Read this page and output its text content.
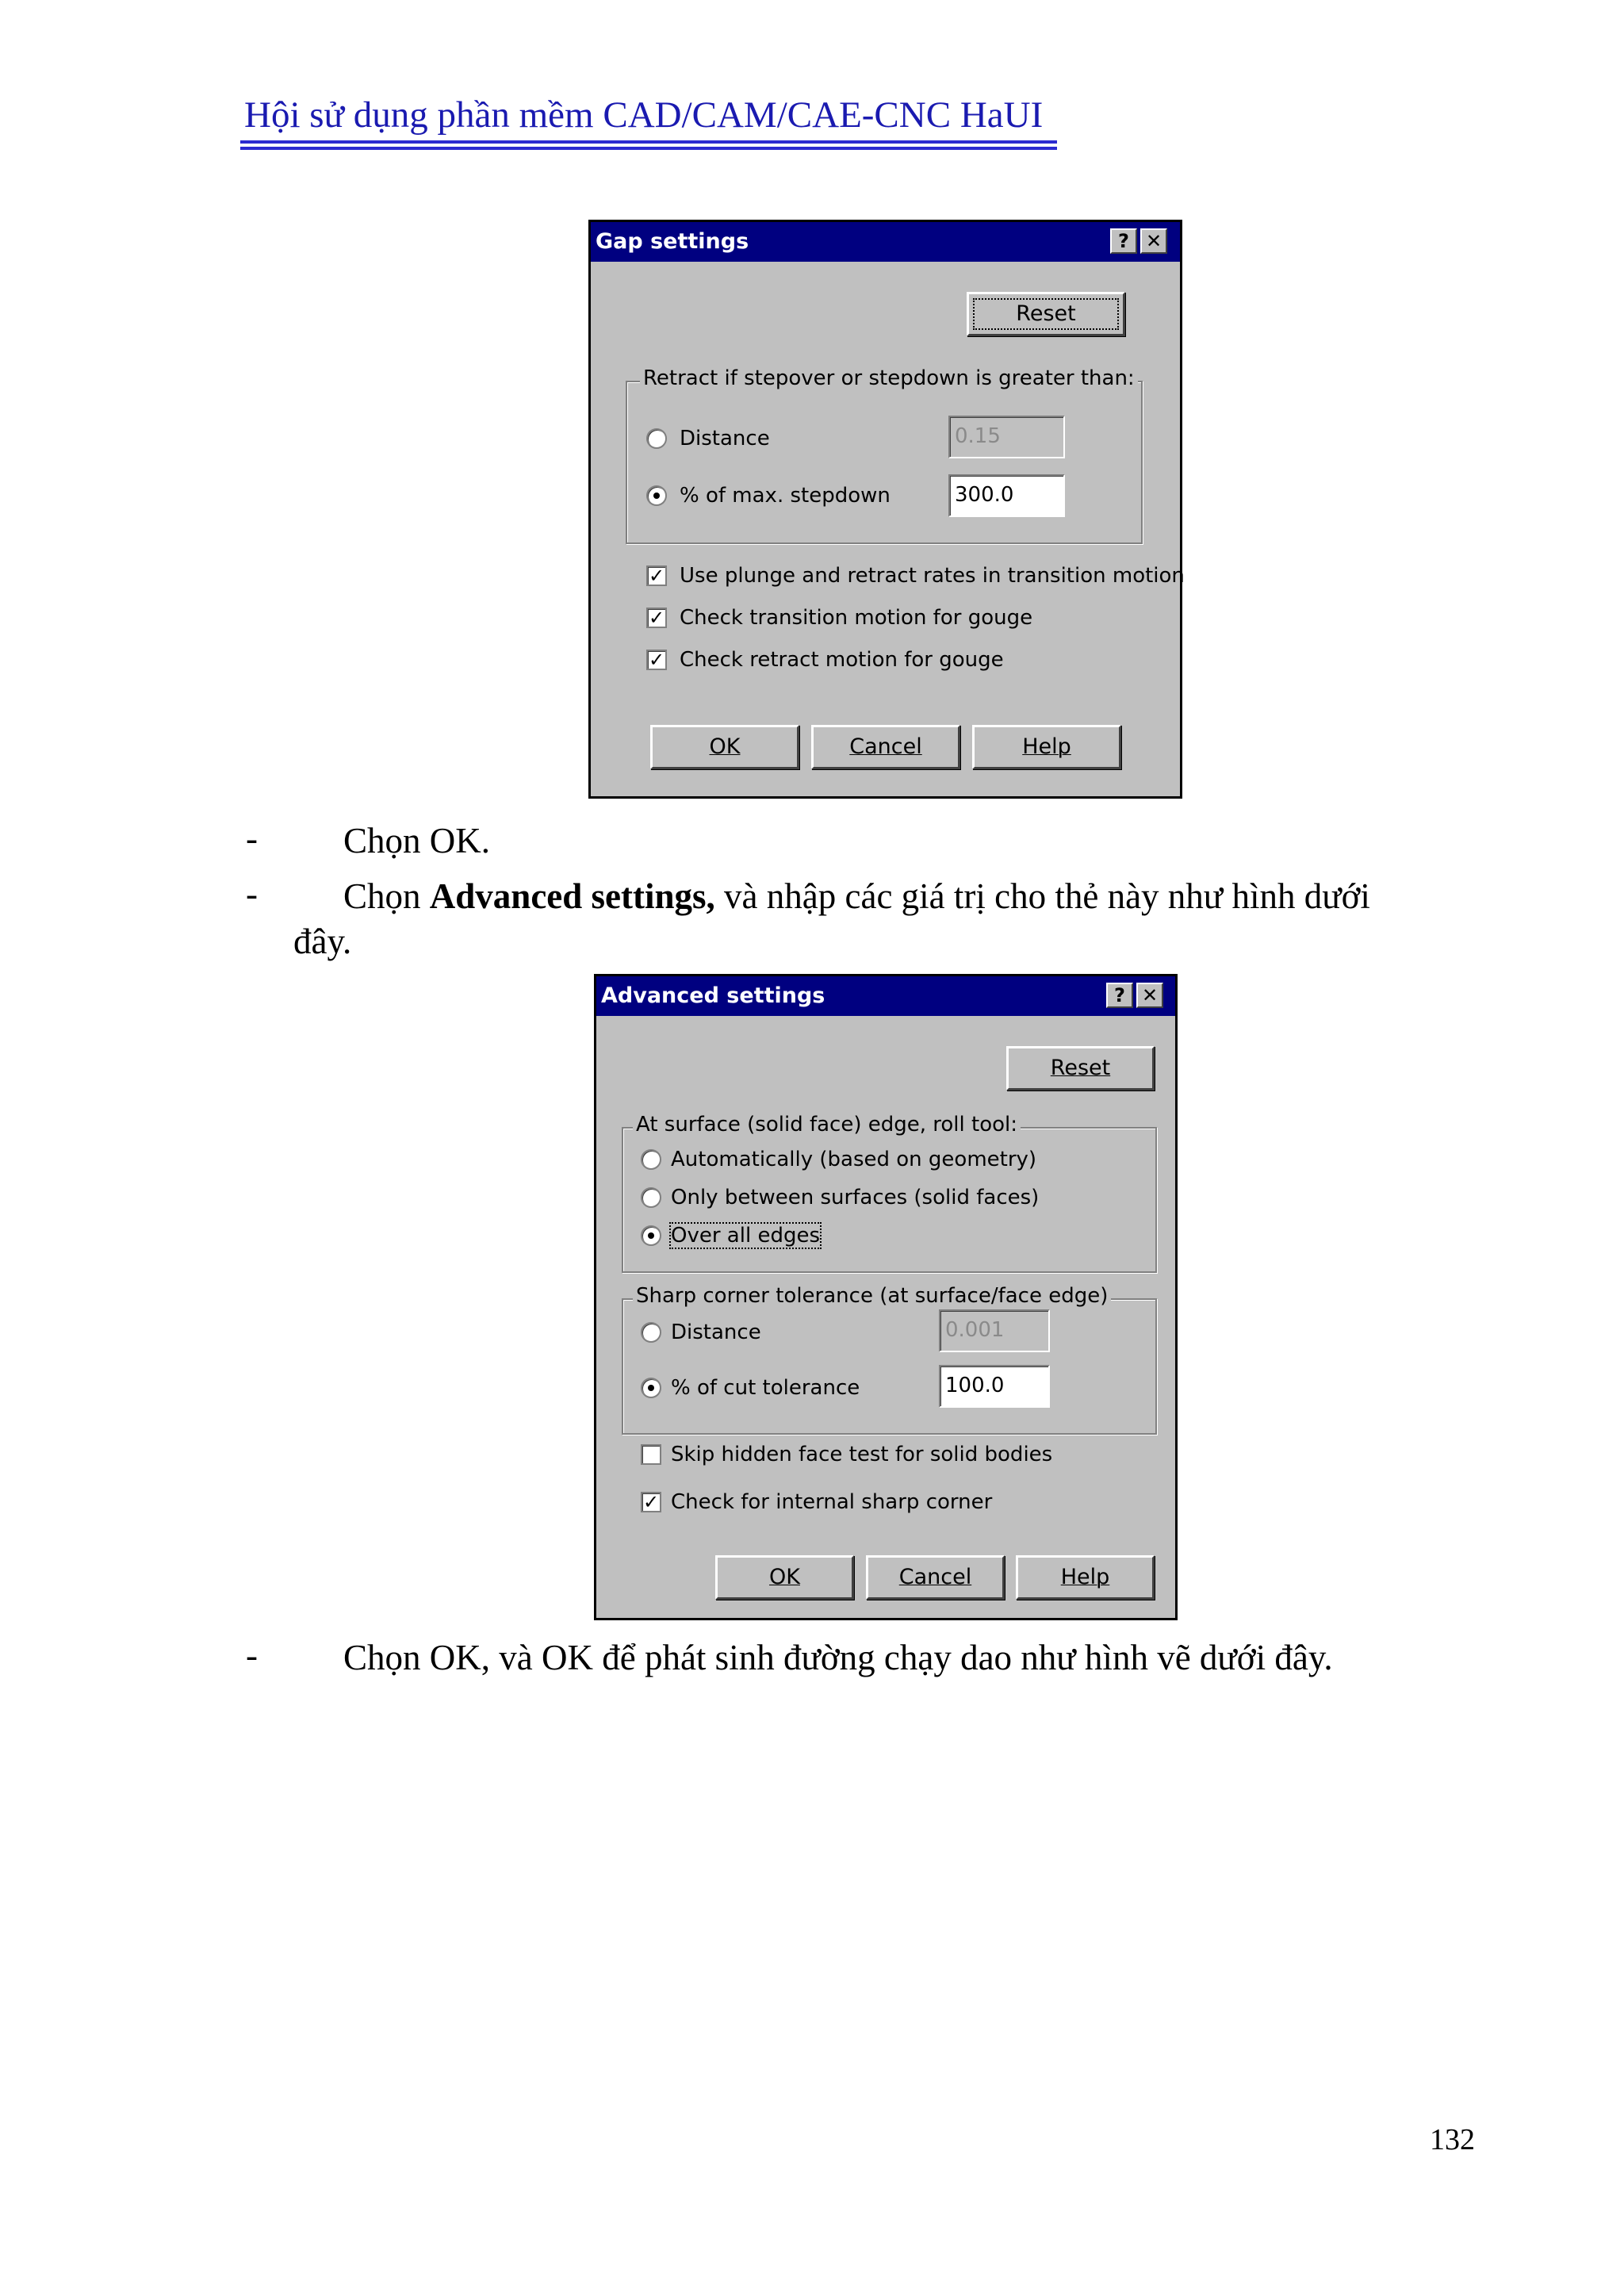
Hội sử dụng phần mềm CAD/CAM/CAE-CNC HaUI
Gap settings	? ✕
Reset
Retract if stepover or stepdown is greater than:
Distance	0.15
% of max. stepdown	300.0
✓ Use plunge and retract rates in transition motion
✓ Check transition motion for gouge
✓ Check retract motion for gouge
OK	Cancel	Help
- Chọn OK.
- Chọn Advanced settings, và nhập các giá trị cho thẻ này như hình dưới
đây.
Advanced settings	? ✕
Reset
At surface (solid face) edge, roll tool:
Automatically (based on geometry)
Only between surfaces (solid faces)
Over all edges
Sharp corner tolerance (at surface/face edge)
Distance	0.001
% of cut tolerance	100.0
Skip hidden face test for solid bodies
✓ Check for internal sharp corner
OK	Cancel	Help
- Chọn OK, và OK để phát sinh đường chạy dao như hình vẽ dưới đây.
132
